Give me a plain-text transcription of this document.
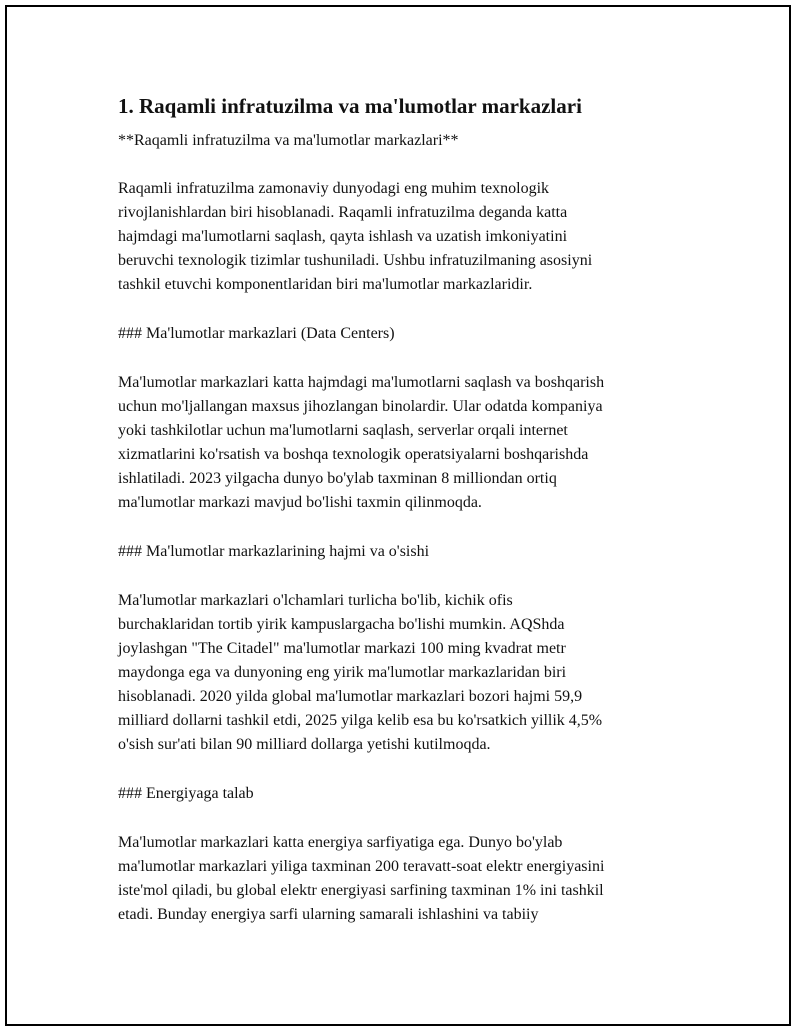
1. Raqamli infratuzilma va ma'lumotlar markazlari

**Raqamli infratuzilma va ma'lumotlar markazlari**

Raqamli infratuzilma zamonaviy dunyodagi eng muhim texnologik

rivojlanishlardan biri hisoblanadi. Raqamli infratuzilma deganda katta

hajmdagi ma'lumotlarni saqlash, qayta ishlash va uzatish imkoniyatini

beruvchi texnologik tizimlar tushuniladi. Ushbu infratuzilmaning asosiyni

tashkil etuvchi komponentlaridan biri ma'lumotlar markazlaridir.

### Ma'lumotlar markazlari (Data Centers)

Ma'lumotlar markazlari katta hajmdagi ma'lumotlarni saqlash va boshqarish

uchun mo'ljallangan maxsus jihozlangan binolardir. Ular odatda kompaniya

yoki tashkilotlar uchun ma'lumotlarni saqlash, serverlar orqali internet

xizmatlarini ko'rsatish va boshqa texnologik operatsiyalarni boshqarishda

ishlatiladi. 2023 yilgacha dunyo bo'ylab taxminan 8 milliondan ortiq

ma'lumotlar markazi mavjud bo'lishi taxmin qilinmoqda.

### Ma'lumotlar markazlarining hajmi va o'sishi

Ma'lumotlar markazlari o'lchamlari turlicha bo'lib, kichik ofis

burchaklaridan tortib yirik kampuslargacha bo'lishi mumkin. AQShda

joylashgan "The Citadel" ma'lumotlar markazi 100 ming kvadrat metr

maydonga ega va dunyoning eng yirik ma'lumotlar markazlaridan biri

hisoblanadi. 2020 yilda global ma'lumotlar markazlari bozori hajmi 59,9

milliard dollarni tashkil etdi, 2025 yilga kelib esa bu ko'rsatkich yillik 4,5%

o'sish sur'ati bilan 90 milliard dollarga yetishi kutilmoqda.

### Energiyaga talab

Ma'lumotlar markazlari katta energiya sarfiyatiga ega. Dunyo bo'ylab

ma'lumotlar markazlari yiliga taxminan 200 teravatt-soat elektr energiyasini

iste'mol qiladi, bu global elektr energiyasi sarfining taxminan 1% ini tashkil

etadi. Bunday energiya sarfi ularning samarali ishlashini va tabiiy
